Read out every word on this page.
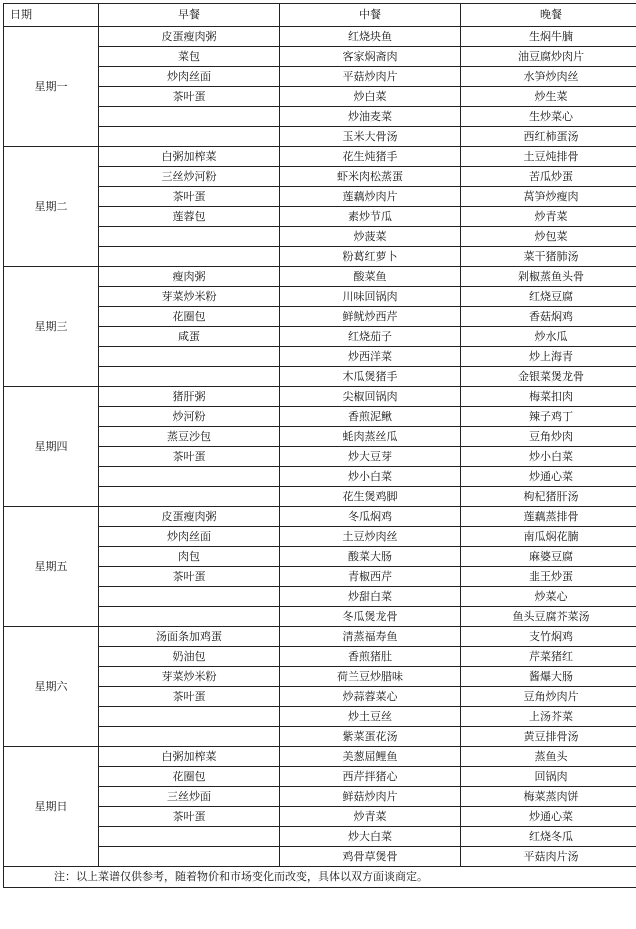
日期	早餐	中餐	晚餐
星期一	皮蛋瘦肉粥	红烧块鱼	生焖牛腩
	菜包	客家焖斋肉	油豆腐炒肉片
	炒肉丝面	平菇炒肉片	水笋炒肉丝
	茶叶蛋	炒白菜	炒生菜
		炒油麦菜	生炒菜心
		玉米大骨汤	西红柿蛋汤
星期二	白粥加榨菜	花生炖猪手	土豆炖排骨
	三丝炒河粉	虾米肉松蒸蛋	苦瓜炒蛋
	茶叶蛋	莲藕炒肉片	莴笋炒瘦肉
	莲蓉包	素炒节瓜	炒青菜
		炒菠菜	炒包菜
		粉葛红萝卜	菜干猪肺汤
星期三	瘦肉粥	酸菜鱼	剁椒蒸鱼头骨
	芽菜炒米粉	川味回锅肉	红烧豆腐
	花圈包	鲜鱿炒西芹	香菇焖鸡
	咸蛋	红烧茄子	炒水瓜
		炒西洋菜	炒上海青
		木瓜煲猪手	金银菜煲龙骨
星期四	猪肝粥	尖椒回锅肉	梅菜扣肉
	炒河粉	香煎泥鳅	辣子鸡丁
	蒸豆沙包	蚝肉蒸丝瓜	豆角炒肉
	茶叶蛋	炒大豆芽	炒小白菜
		炒小白菜	炒通心菜
		花生煲鸡脚	枸杞猪肝汤
星期五	皮蛋瘦肉粥	冬瓜焖鸡	莲藕蒸排骨
	炒肉丝面	土豆炒肉丝	南瓜焖花腩
	肉包	酸菜大肠	麻婆豆腐
	茶叶蛋	青椒西芹	韭王炒蛋
		炒甜白菜	炒菜心
		冬瓜煲龙骨	鱼头豆腐芥菜汤
星期六	汤面条加鸡蛋	清蒸福寿鱼	支竹焖鸡
	奶油包	香煎猪肚	芹菜猪红
	芽菜炒米粉	荷兰豆炒腊味	酱爆大肠
	茶叶蛋	炒蒜蓉菜心	豆角炒肉片
		炒土豆丝	上汤芥菜
		紫菜蛋花汤	黄豆排骨汤
星期日	白粥加榨菜	美葱屈鲤鱼	蒸鱼头
	花圈包	西芹拌猪心	回锅肉
	三丝炒面	鲜菇炒肉片	梅菜蒸肉饼
	茶叶蛋	炒青菜	炒通心菜
		炒大白菜	红烧冬瓜
		鸡骨草煲骨	平菇肉片汤
注：以上菜谱仅供参考，随着物价和市场变化而改变，具体以双方面谈商定。			
